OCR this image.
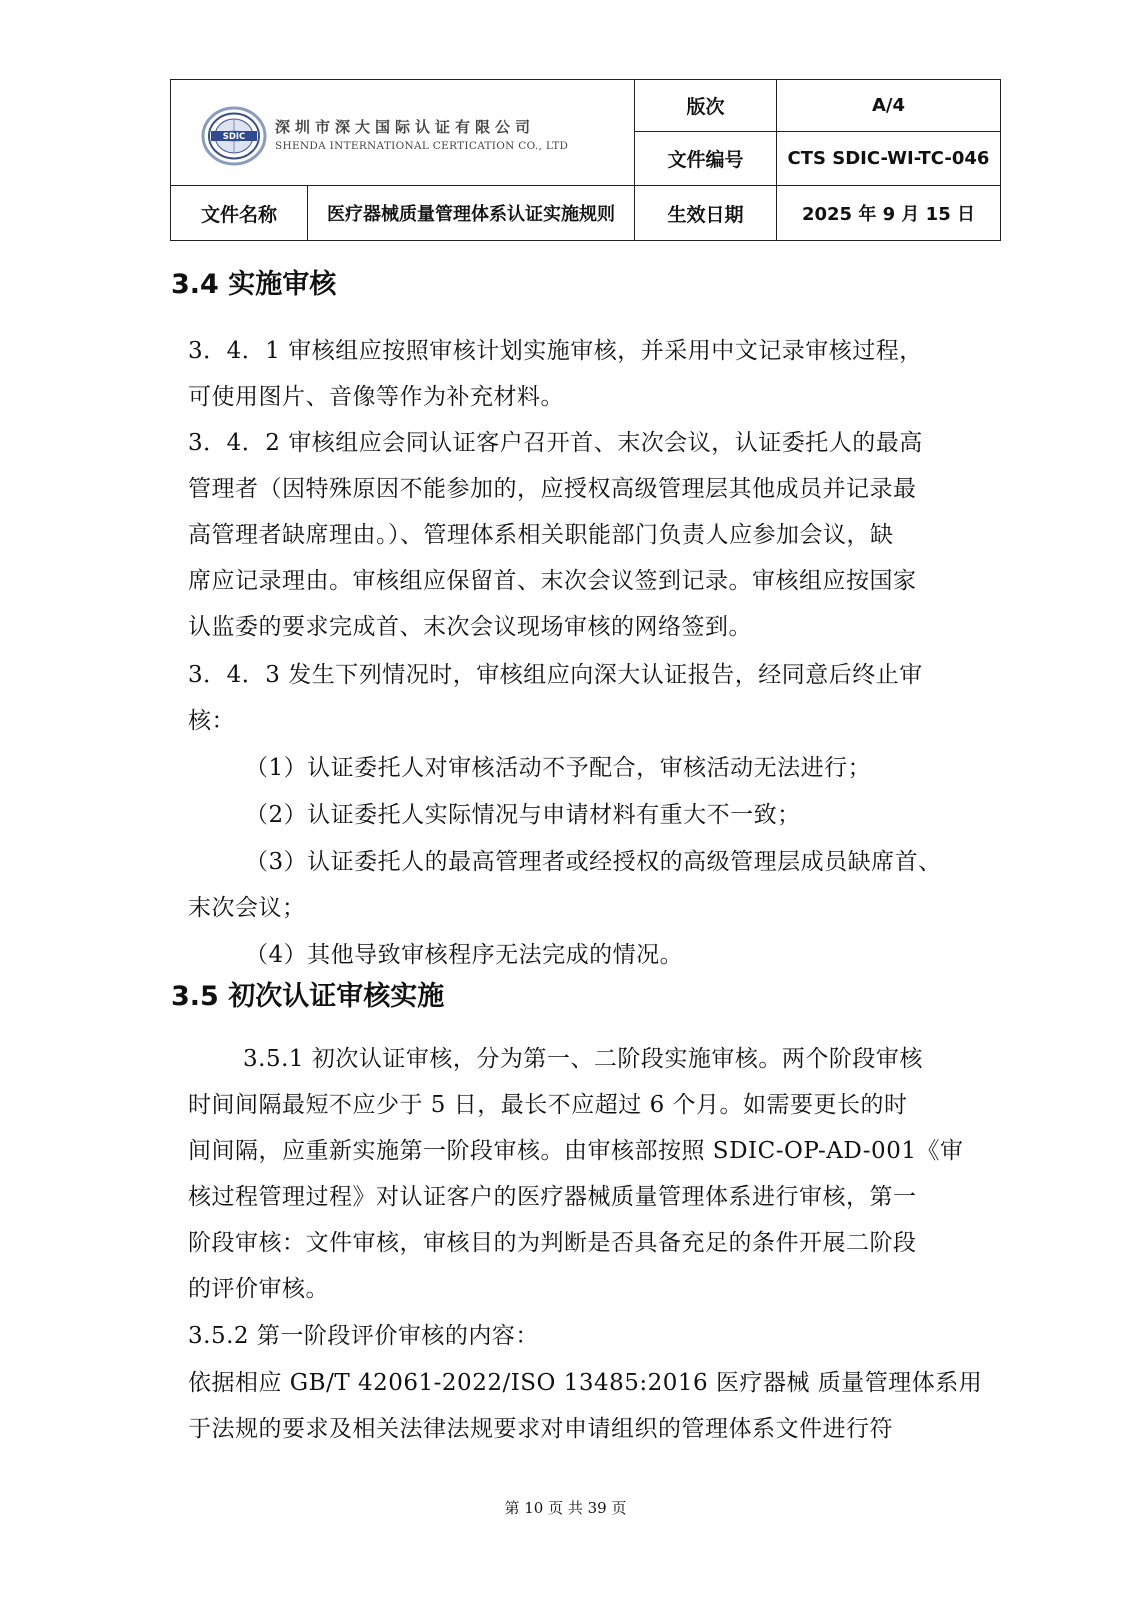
SDIC
深圳市深大国际认证有限公司
SHENDA INTERNATIONAL CERTICATION CO., LTD		版次	A/4
		文件编号	CTS SDIC-WI-TC-046
文件名称	医疗器械质量管理体系认证实施规则	生效日期	2025 年 9 月 15 日
3.4 实施审核
3．4．1 审核组应按照审核计划实施审核，并采用中文记录审核过程，
可使用图片、音像等作为补充材料。
3．4．2 审核组应会同认证客户召开首、末次会议，认证委托人的最高
管理者（因特殊原因不能参加的，应授权高级管理层其他成员并记录最
高管理者缺席理由。）、管理体系相关职能部门负责人应参加会议，缺
席应记录理由。审核组应保留首、末次会议签到记录。审核组应按国家
认监委的要求完成首、末次会议现场审核的网络签到。
3．4．3 发生下列情况时，审核组应向深大认证报告，经同意后终止审
核：
（1）认证委托人对审核活动不予配合，审核活动无法进行；
（2）认证委托人实际情况与申请材料有重大不一致；
（3）认证委托人的最高管理者或经授权的高级管理层成员缺席首、
末次会议；
（4）其他导致审核程序无法完成的情况。
3.5 初次认证审核实施
3.5.1 初次认证审核，分为第一、二阶段实施审核。两个阶段审核
时间间隔最短不应少于 5 日，最长不应超过 6 个月。如需要更长的时
间间隔，应重新实施第一阶段审核。由审核部按照 SDIC-OP-AD-001《审
核过程管理过程》对认证客户的医疗器械质量管理体系进行审核，第一
阶段审核：文件审核，审核目的为判断是否具备充足的条件开展二阶段
的评价审核。
3.5.2 第一阶段评价审核的内容：
依据相应 GB/T 42061-2022/ISO 13485:2016 医疗器械 质量管理体系用
于法规的要求及相关法律法规要求对申请组织的管理体系文件进行符
第 10 页 共 39 页
